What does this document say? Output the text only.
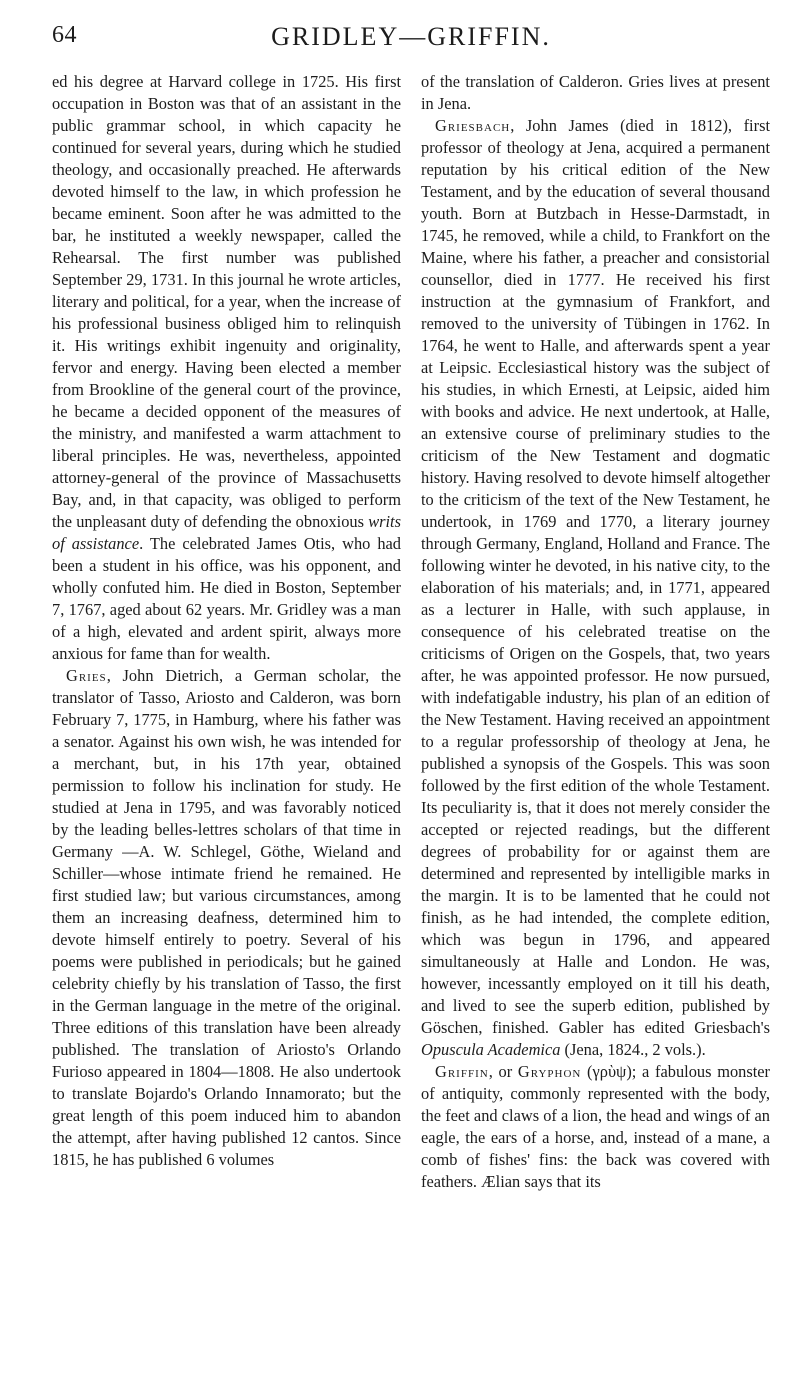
64	GRIDLEY—GRIFFIN.

ed his degree at Harvard college in 1725. His first occupation in Boston was that of an assistant in the public grammar school, in which capacity he continued for several years, during which he studied theology, and occasionally preached. He afterwards devoted himself to the law, in which profession he became eminent. Soon after he was admitted to the bar, he instituted a weekly newspaper, called the Rehearsal. The first number was published September 29, 1731. In this journal he wrote articles, literary and political, for a year, when the increase of his professional business obliged him to relinquish it. His writings exhibit ingenuity and originality, fervor and energy. Having been elected a member from Brookline of the general court of the province, he became a decided opponent of the measures of the ministry, and manifested a warm attachment to liberal principles. He was, nevertheless, appointed attorney-general of the province of Massachusetts Bay, and, in that capacity, was obliged to perform the unpleasant duty of defending the obnoxious writs of assistance. The celebrated James Otis, who had been a student in his office, was his opponent, and wholly confuted him. He died in Boston, September 7, 1767, aged about 62 years. Mr. Gridley was a man of a high, elevated and ardent spirit, always more anxious for fame than for wealth.

Gries, John Dietrich, a German scholar, the translator of Tasso, Ariosto and Calderon, was born February 7, 1775, in Hamburg, where his father was a senator. Against his own wish, he was intended for a merchant, but, in his 17th year, obtained permission to follow his inclination for study. He studied at Jena in 1795, and was favorably noticed by the leading belles-lettres scholars of that time in Germany —A. W. Schlegel, Göthe, Wieland and Schiller—whose intimate friend he remained. He first studied law; but various circumstances, among them an increasing deafness, determined him to devote himself entirely to poetry. Several of his poems were published in periodicals; but he gained celebrity chiefly by his translation of Tasso, the first in the German language in the metre of the original. Three editions of this translation have been already published. The translation of Ariosto's Orlando Furioso appeared in 1804—1808. He also undertook to translate Bojardo's Orlando Innamorato; but the great length of this poem induced him to abandon the attempt, after having published 12 cantos. Since 1815, he has published 6 volumes

of the translation of Calderon. Gries lives at present in Jena.

Griesbach, John James (died in 1812), first professor of theology at Jena, acquired a permanent reputation by his critical edition of the New Testament, and by the education of several thousand youth. Born at Butzbach in Hesse-Darmstadt, in 1745, he removed, while a child, to Frankfort on the Maine, where his father, a preacher and consistorial counsellor, died in 1777. He received his first instruction at the gymnasium of Frankfort, and removed to the university of Tübingen in 1762. In 1764, he went to Halle, and afterwards spent a year at Leipsic. Ecclesiastical history was the subject of his studies, in which Ernesti, at Leipsic, aided him with books and advice. He next undertook, at Halle, an extensive course of preliminary studies to the criticism of the New Testament and dogmatic history. Having resolved to devote himself altogether to the criticism of the text of the New Testament, he undertook, in 1769 and 1770, a literary journey through Germany, England, Holland and France. The following winter he devoted, in his native city, to the elaboration of his materials; and, in 1771, appeared as a lecturer in Halle, with such applause, in consequence of his celebrated treatise on the criticisms of Origen on the Gospels, that, two years after, he was appointed professor. He now pursued, with indefatigable industry, his plan of an edition of the New Testament. Having received an appointment to a regular professorship of theology at Jena, he published a synopsis of the Gospels. This was soon followed by the first edition of the whole Testament. Its peculiarity is, that it does not merely consider the accepted or rejected readings, but the different degrees of probability for or against them are determined and represented by intelligible marks in the margin. It is to be lamented that he could not finish, as he had intended, the complete edition, which was begun in 1796, and appeared simultaneously at Halle and London. He was, however, incessantly employed on it till his death, and lived to see the superb edition, published by Göschen, finished. Gabler has edited Griesbach's Opuscula Academica (Jena, 1824., 2 vols.).

Griffin, or Gryphon (γρὺψ); a fabulous monster of antiquity, commonly represented with the body, the feet and claws of a lion, the head and wings of an eagle, the ears of a horse, and, instead of a mane, a comb of fishes' fins: the back was covered with feathers. Ælian says that its
